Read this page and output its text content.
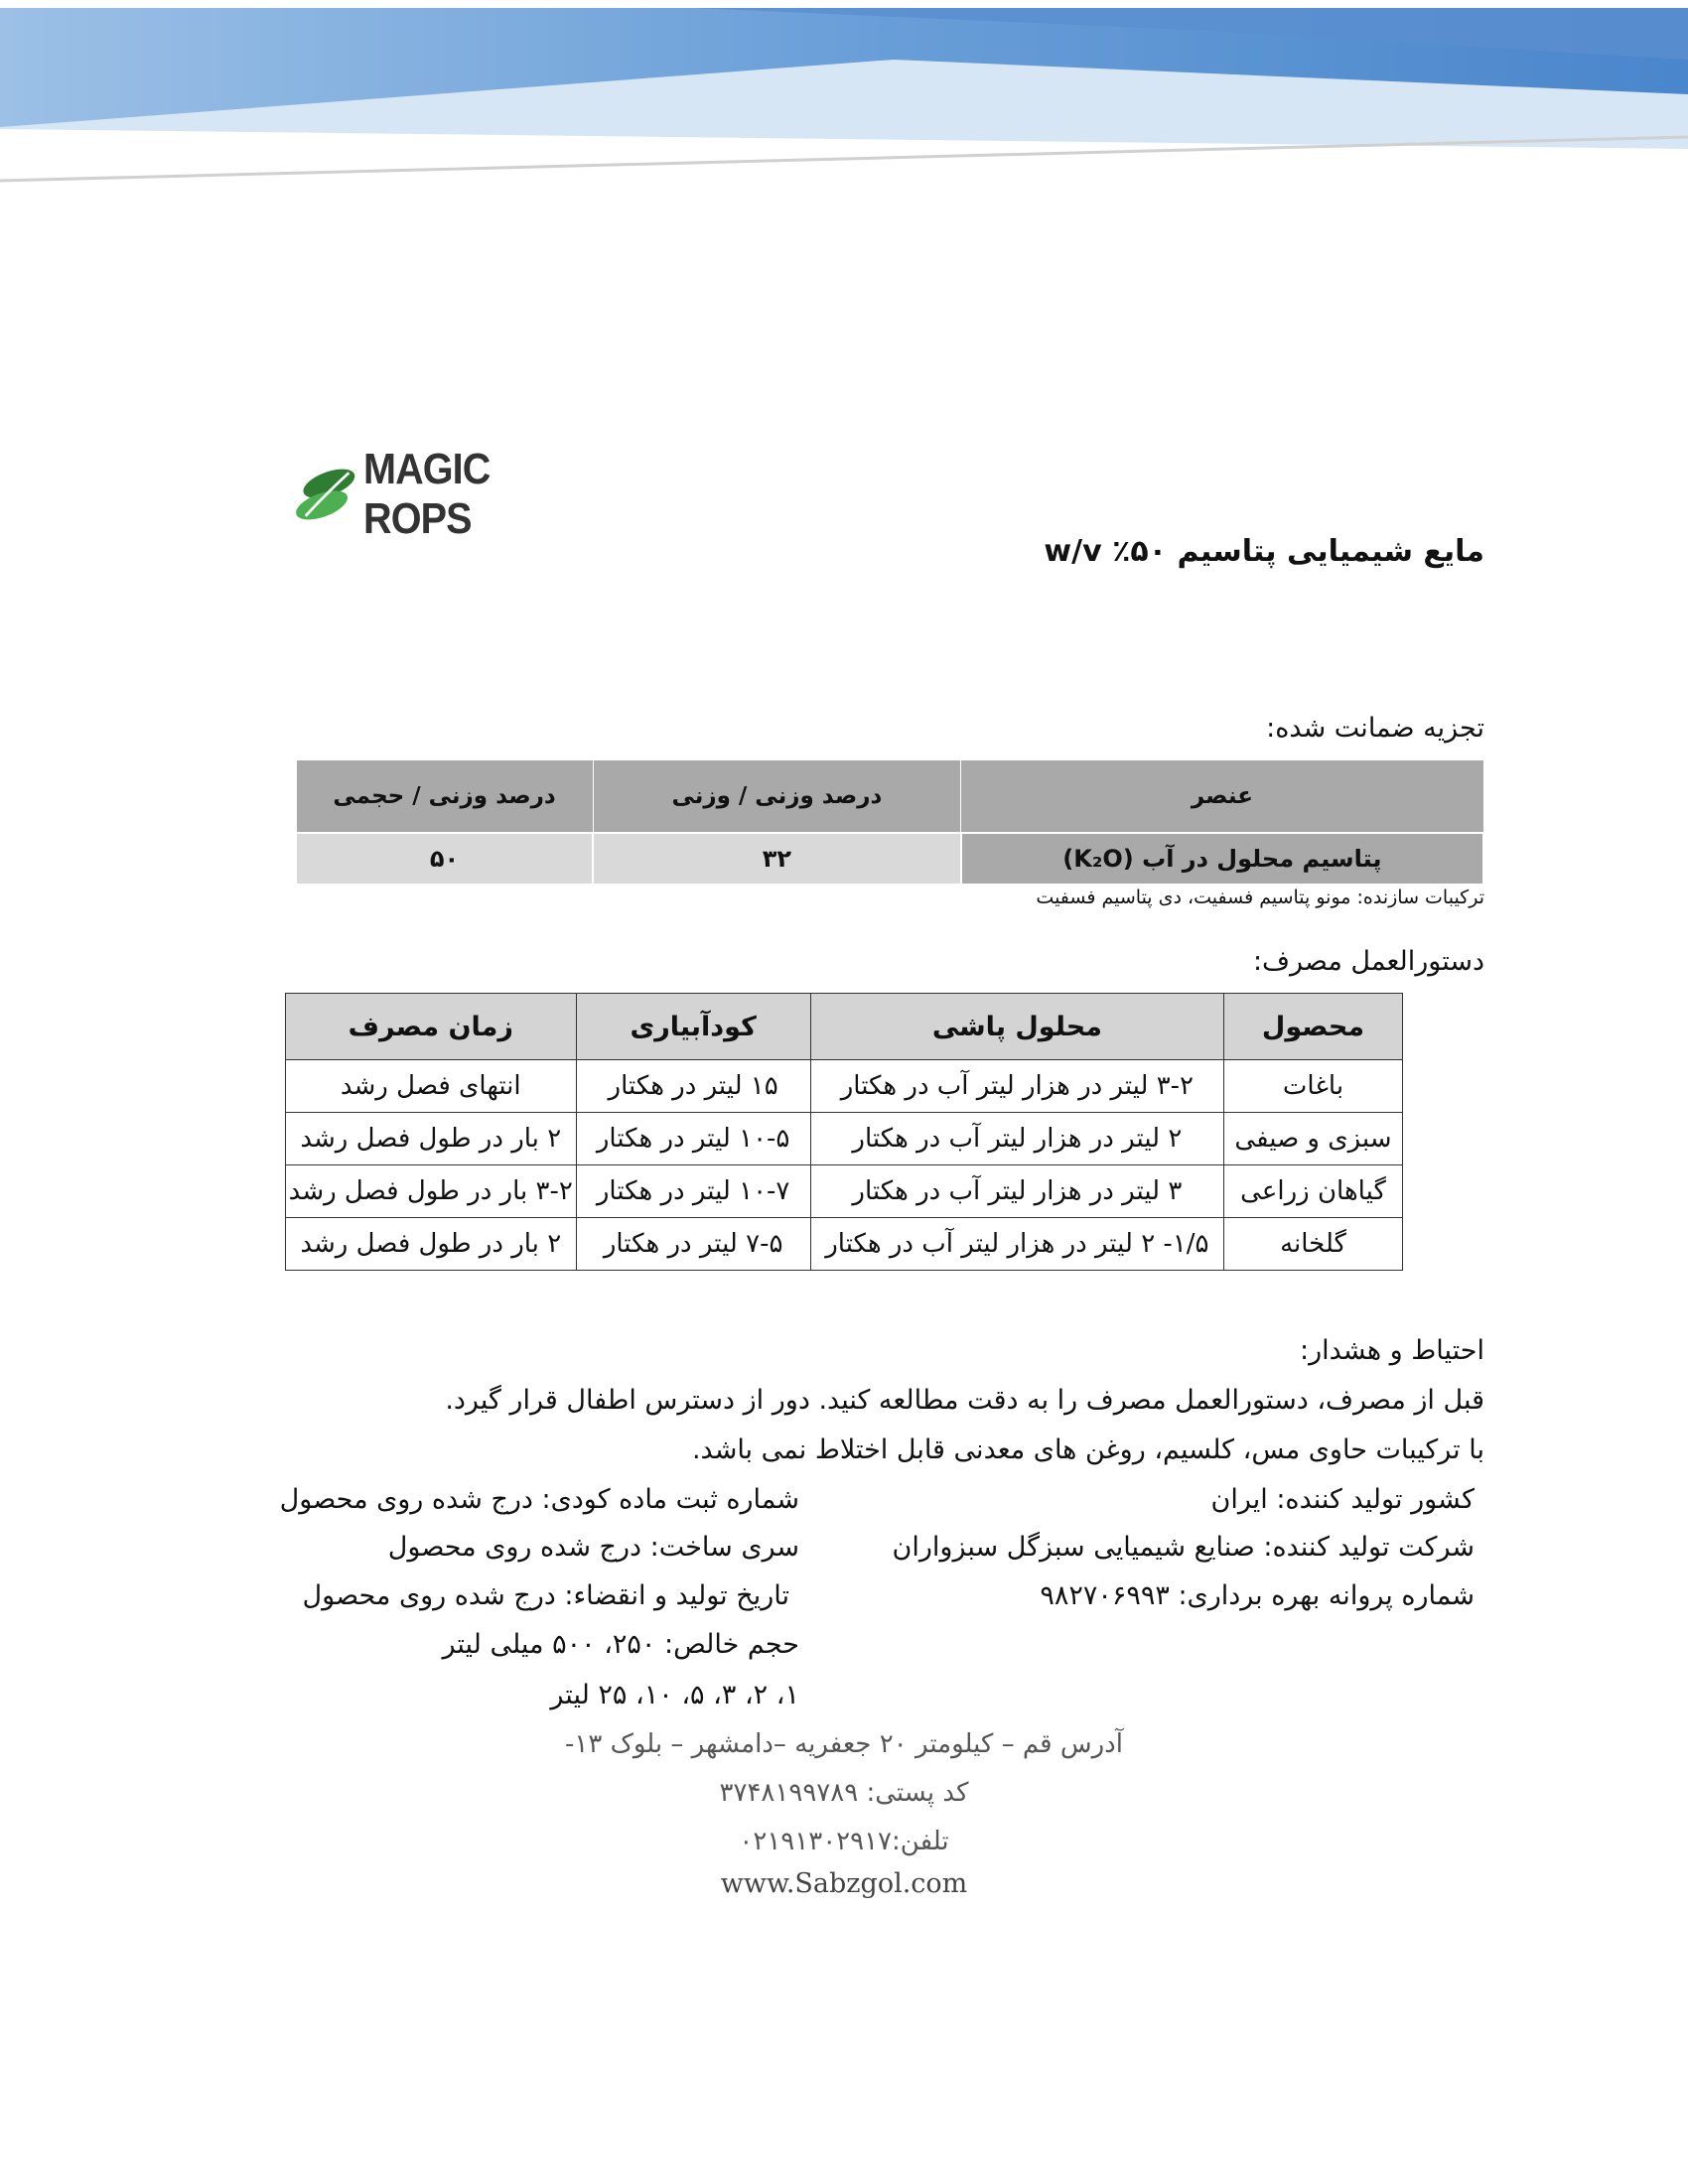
MAGIC ROPS
مایع شیمیایی پتاسیم ۵۰٪ w/v
تجزیه ضمانت شده:
عنصر	درصد وزنی / وزنی	درصد وزنی / حجمی
پتاسیم محلول در آب (K₂O)	۳۲	۵۰
ترکیبات سازنده: مونو پتاسیم فسفیت، دی پتاسیم فسفیت
دستورالعمل مصرف:
محصول	محلول پاشی	کودآبیاری	زمان مصرف
باغات	۳-۲ لیتر در هزار لیتر آب در هکتار	۱۵ لیتر در هکتار	انتهای فصل رشد
سبزی و صیفی	۲ لیتر در هزار لیتر آب در هکتار	۱۰-۵ لیتر در هکتار	۲ بار در طول فصل رشد
گیاهان زراعی	۳ لیتر در هزار لیتر آب در هکتار	۱۰-۷ لیتر در هکتار	۳-۲ بار در طول فصل رشد
گلخانه	۱/۵- ۲ لیتر در هزار لیتر آب در هکتار	۷-۵ لیتر در هکتار	۲ بار در طول فصل رشد
احتیاط و هشدار:
قبل از مصرف، دستورالعمل مصرف را به دقت مطالعه کنید. دور از دسترس اطفال قرار گیرد.
با ترکیبات حاوی مس، کلسیم، روغن های معدنی قابل اختلاط نمی باشد.
کشور تولید کننده: ایران
شرکت تولید کننده: صنایع شیمیایی سبزگل سبزواران
شماره پروانه بهره برداری: ۹۸۲۷۰۶۹۹۳
شماره ثبت ماده کودی: درج شده روی محصول
سری ساخت: درج شده روی محصول
تاریخ تولید و انقضاء: درج شده روی محصول
حجم خالص: ۲۵۰، ۵۰۰ میلی لیتر
۱، ۲، ۳، ۵، ۱۰، ۲۵ لیتر
آدرس قم – کیلومتر ۲۰ جعفریه –دامشهر – بلوک ۱۳-
کد پستی: ۳۷۴۸۱۹۹۷۸۹
تلفن:۰۲۱۹۱۳۰۲۹۱۷
www.Sabzgol.com
